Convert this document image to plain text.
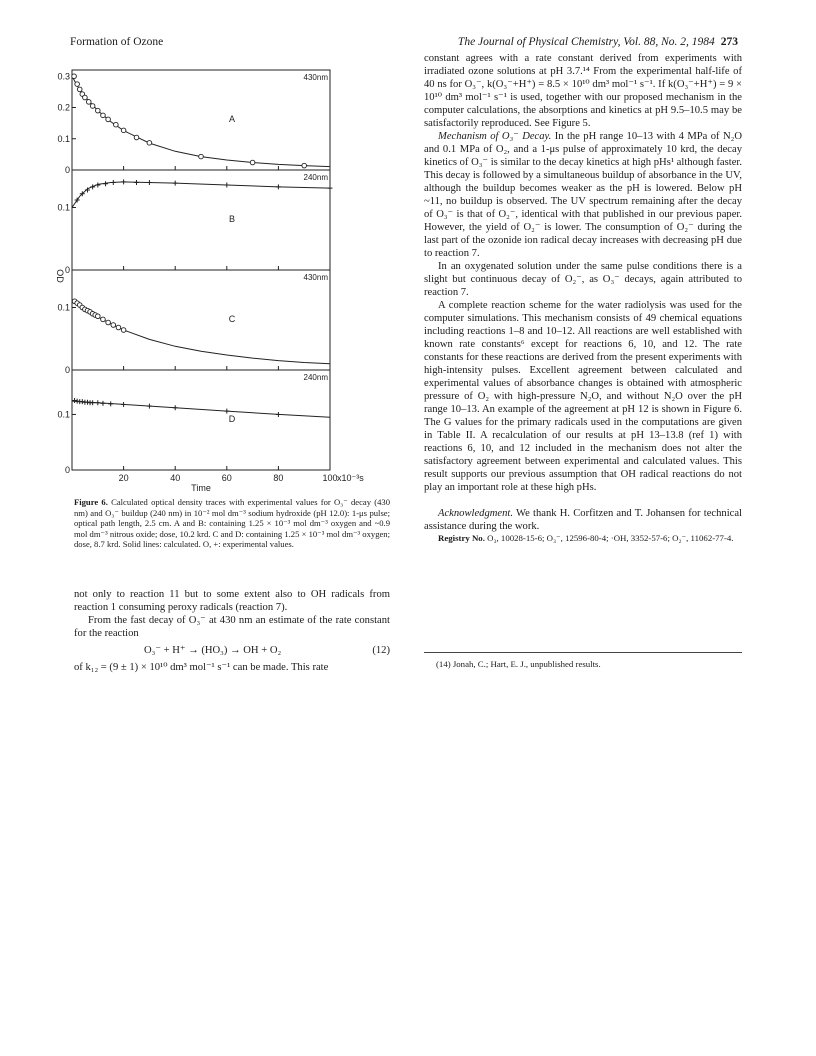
Formation of Ozone	The Journal of Physical Chemistry, Vol. 88, No. 2, 1984 273
0
0.1
0.2
0.3	430nm
A
0
0.1
240nm
B
0
0.1
430nm
C
0
0.1
240nm
D
20	40	60	80	100 x10⁻³s
Time
OD
Figure 6. Calculated optical density traces with experimental values for O₃⁻ decay (430 nm) and O₃⁻ buildup (240 nm) in 10⁻² mol dm⁻³ sodium hydroxide (pH 12.0): 1-μs pulse; optical path length, 2.5 cm. A and B: containing 1.25 × 10⁻³ mol dm⁻³ oxygen and ~0.9 mol dm⁻³ nitrous oxide; dose, 10.2 krd. C and D: containing 1.25 × 10⁻³ mol dm⁻³ oxygen; dose, 8.7 krd. Solid lines: calculated. O, +: experimental values.

not only to reaction 11 but to some extent also to OH radicals from reaction 1 consuming peroxy radicals (reaction 7).

From the fast decay of O₃⁻ at 430 nm an estimate of the rate constant for the reaction

O₃⁻ + H⁺ → (HO₃) → OH + O₂	(12)

of k₁₂ = (9 ± 1) × 10¹⁰ dm³ mol⁻¹ s⁻¹ can be made. This rate

constant agrees with a rate constant derived from experiments with irradiated ozone solutions at pH 3.7.¹⁴ From the experimental half-life of 40 ns for O₃⁻, k(O₃⁻+H⁺) = 8.5 × 10¹⁰ dm³ mol⁻¹ s⁻¹. If k(O₃⁻+H⁺) = 9 × 10¹⁰ dm³ mol⁻¹ s⁻¹ is used, together with our proposed mechanism in the computer calculations, the absorptions and kinetics at pH 9.5–10.5 may be satisfactorily reproduced. See Figure 5.

Mechanism of O₃⁻ Decay. In the pH range 10–13 with 4 MPa of N₂O and 0.1 MPa of O₂, and a 1-μs pulse of approximately 10 krd, the decay kinetics of O₃⁻ is similar to the decay kinetics at high pHs¹ although faster. This decay is followed by a simultaneous buildup of absorbance in the UV, although the buildup becomes weaker as the pH is lowered. Below pH ~11, no buildup is observed. The UV spectrum remaining after the decay of O₃⁻ is that of O₂⁻, identical with that published in our previous paper. However, the yield of O₂⁻ is lower. The consumption of O₂⁻ during the last part of the ozonide ion radical decay increases with decreasing pH due to reaction 7.

In an oxygenated solution under the same pulse conditions there is a slight but continuous decay of O₂⁻, as O₃⁻ decays, again attributed to reaction 7.

A complete reaction scheme for the water radiolysis was used for the computer simulations. This mechanism consists of 49 chemical equations including reactions 1–8 and 10–12. All reactions are well established with known rate constants⁶ except for reactions 6, 10, and 12. The rate constants for these reactions are derived from the present experiments with high-intensity pulses. Excellent agreement between calculated and experimental values of absorbance changes is obtained with atmospheric pressure of O₂ with high-pressure N₂O, and without N₂O over the pH range 10–13. An example of the agreement at pH 12 is shown in Figure 6. The G values for the primary radicals used in the computations are given in Table II. A recalculation of our results at pH 13–13.8 (ref 1) with reactions 6, 10, and 12 included in the mechanism does not alter the satisfactory agreement between experimental and calculated values. This result supports our previous assumption that OH radical reactions do not play an important role at these high pHs.

Acknowledgment. We thank H. Corfitzen and T. Johansen for technical assistance during the work.

Registry No. O₃, 10028-15-6; O₃⁻, 12596-80-4; ·OH, 3352-57-6; O₂⁻, 11062-77-4.

(14) Jonah, C.; Hart, E. J., unpublished results.
